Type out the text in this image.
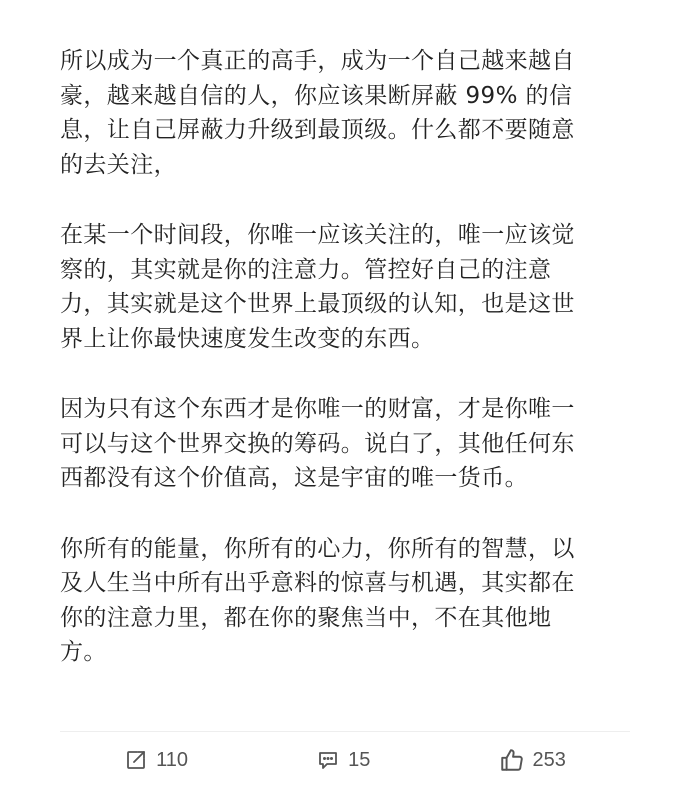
所以成为一个真正的高手，成为一个自己越来越自
豪，越来越自信的人，你应该果断屏蔽 99% 的信
息，让自己屏蔽力升级到最顶级。什么都不要随意
的去关注，

在某一个时间段，你唯一应该关注的，唯一应该觉
察的，其实就是你的注意力。管控好自己的注意
力，其实就是这个世界上最顶级的认知，也是这世
界上让你最快速度发生改变的东西。

因为只有这个东西才是你唯一的财富，才是你唯一
可以与这个世界交换的筹码。说白了，其他任何东
西都没有这个价值高，这是宇宙的唯一货币。

你所有的能量，你所有的心力，你所有的智慧，以
及人生当中所有出乎意料的惊喜与机遇，其实都在
你的注意力里，都在你的聚焦当中，不在其他地
方。

110	15	253
